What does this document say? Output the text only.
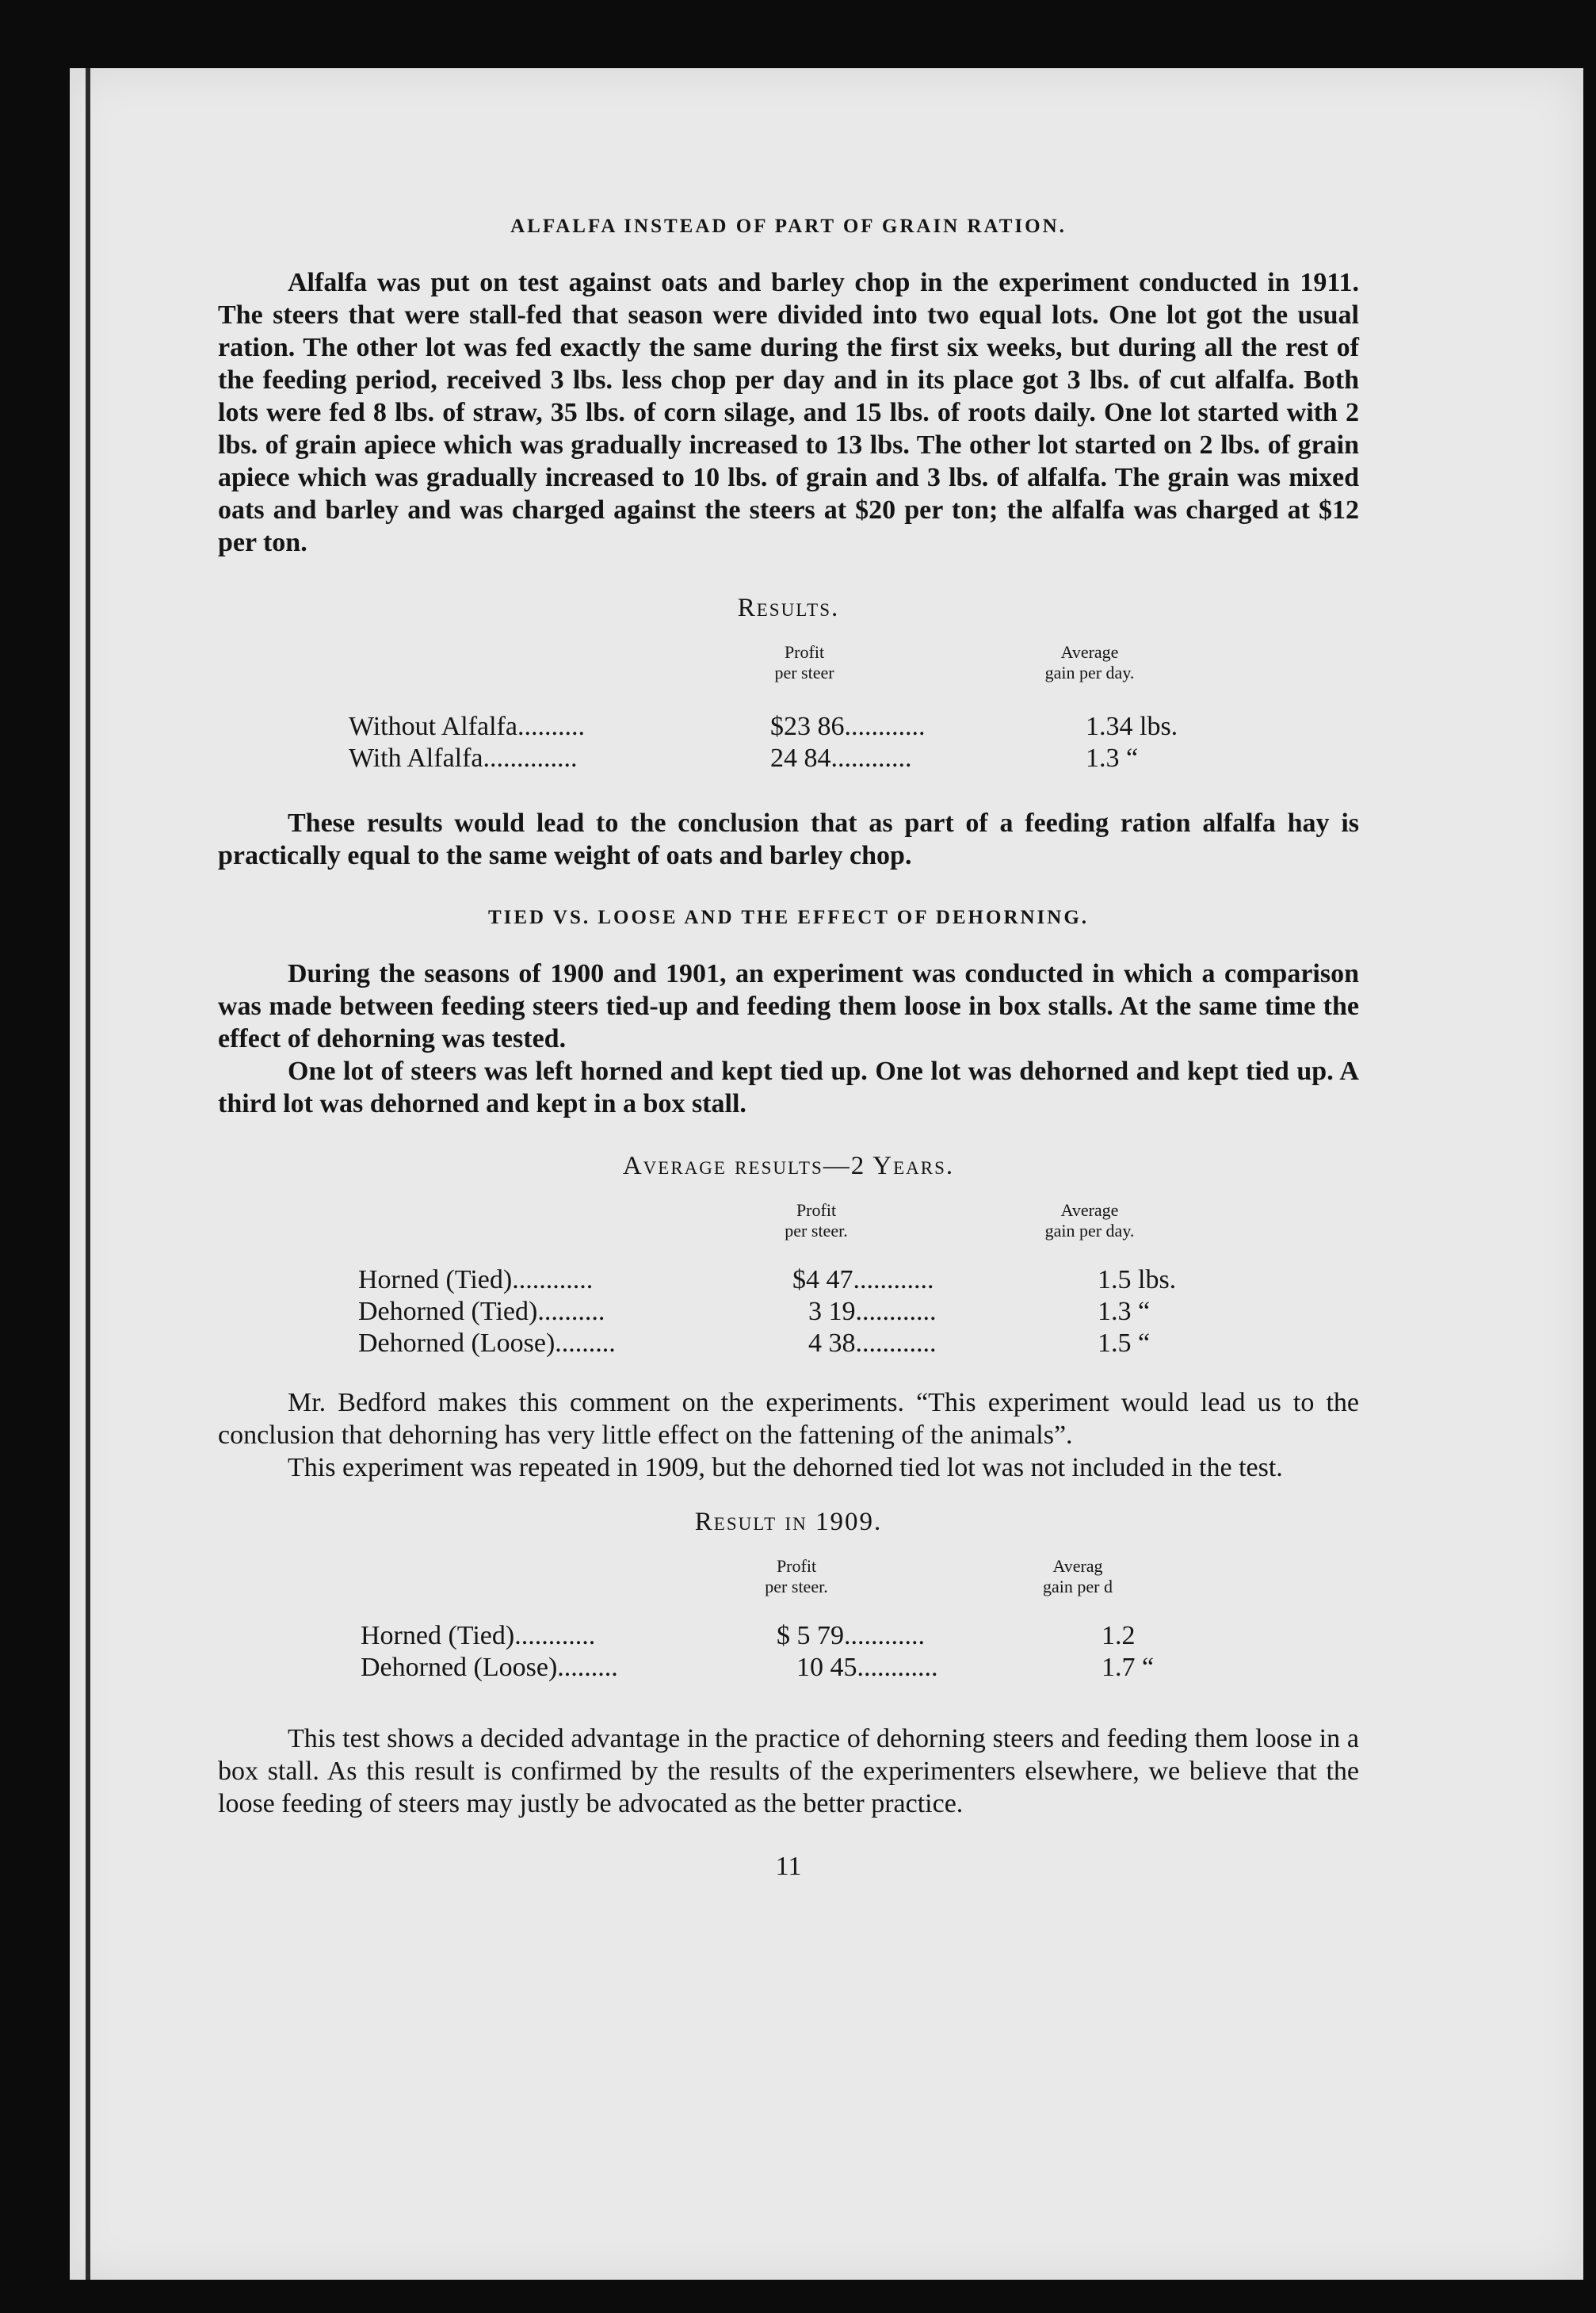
ALFALFA INSTEAD OF PART OF GRAIN RATION.

Alfalfa was put on test against oats and barley chop in the experiment conducted in 1911. The steers that were stall-fed that season were divided into two equal lots. One lot got the usual ration. The other lot was fed exactly the same during the first six weeks, but during all the rest of the feeding period, received 3 lbs. less chop per day and in its place got 3 lbs. of cut alfalfa. Both lots were fed 8 lbs. of straw, 35 lbs. of corn silage, and 15 lbs. of roots daily. One lot started with 2 lbs. of grain apiece which was gradually increased to 13 lbs. The other lot started on 2 lbs. of grain apiece which was gradually increased to 10 lbs. of grain and 3 lbs. of alfalfa. The grain was mixed oats and barley and was charged against the steers at $20 per ton; the alfalfa was charged at $12 per ton.

Results.
Profit
per steer
Average
gain per day.
Without Alfalfa..........	$23 86............	1.34 lbs.
With Alfalfa..............	24 84............	1.3 “

These results would lead to the conclusion that as part of a feeding ration alfalfa hay is practically equal to the same weight of oats and barley chop.

TIED VS. LOOSE AND THE EFFECT OF DEHORNING.

During the seasons of 1900 and 1901, an experiment was conducted in which a comparison was made between feeding steers tied-up and feeding them loose in box stalls. At the same time the effect of dehorning was tested.

One lot of steers was left horned and kept tied up. One lot was dehorned and kept tied up. A third lot was dehorned and kept in a box stall.

Average results—2 Years.
Profit
per steer.
Average
gain per day.
Horned (Tied)............	$4 47............	1.5 lbs.
Dehorned (Tied)..........	3 19............	1.3 “
Dehorned (Loose).........	4 38............	1.5 “

Mr. Bedford makes this comment on the experiments. “This experiment would lead us to the conclusion that dehorning has very little effect on the fattening of the animals”.

This experiment was repeated in 1909, but the dehorned tied lot was not included in the test.

Result in 1909.
Profit
per steer.
Averag
gain per d
Horned (Tied)............	$ 5 79............	1.2
Dehorned (Loose).........	10 45............	1.7 “

This test shows a decided advantage in the practice of dehorning steers and feeding them loose in a box stall. As this result is confirmed by the results of the experimenters elsewhere, we believe that the loose feeding of steers may justly be advocated as the better practice.

11
